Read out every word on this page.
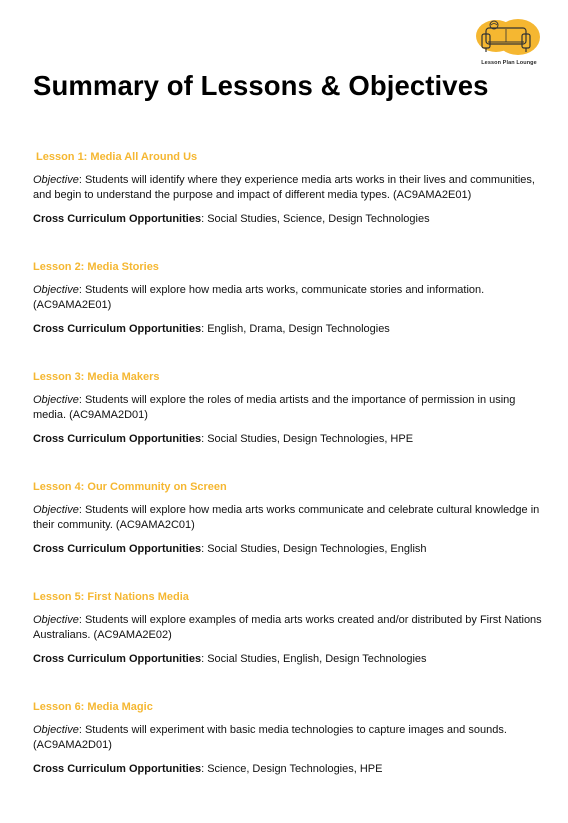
Lesson Plan Lounge
Summary of Lessons & Objectives
Lesson 1: Media All Around Us

Objective: Students will identify where they experience media arts works in their lives and communities, and begin to understand the purpose and impact of different media types. (AC9AMA2E01)

Cross Curriculum Opportunities: Social Studies, Science, Design Technologies

Lesson 2: Media Stories

Objective: Students will explore how media arts works, communicate stories and information. (AC9AMA2E01)

Cross Curriculum Opportunities: English, Drama, Design Technologies

Lesson 3: Media Makers

Objective: Students will explore the roles of media artists and the importance of permission in using media. (AC9AMA2D01)

Cross Curriculum Opportunities: Social Studies, Design Technologies, HPE

Lesson 4: Our Community on Screen

Objective: Students will explore how media arts works communicate and celebrate cultural knowledge in their community. (AC9AMA2C01)

Cross Curriculum Opportunities: Social Studies, Design Technologies, English

Lesson 5: First Nations Media

Objective: Students will explore examples of media arts works created and/or distributed by First Nations Australians. (AC9AMA2E02)

Cross Curriculum Opportunities: Social Studies, English, Design Technologies

Lesson 6: Media Magic

Objective: Students will experiment with basic media technologies to capture images and sounds. (AC9AMA2D01)

Cross Curriculum Opportunities: Science, Design Technologies, HPE
